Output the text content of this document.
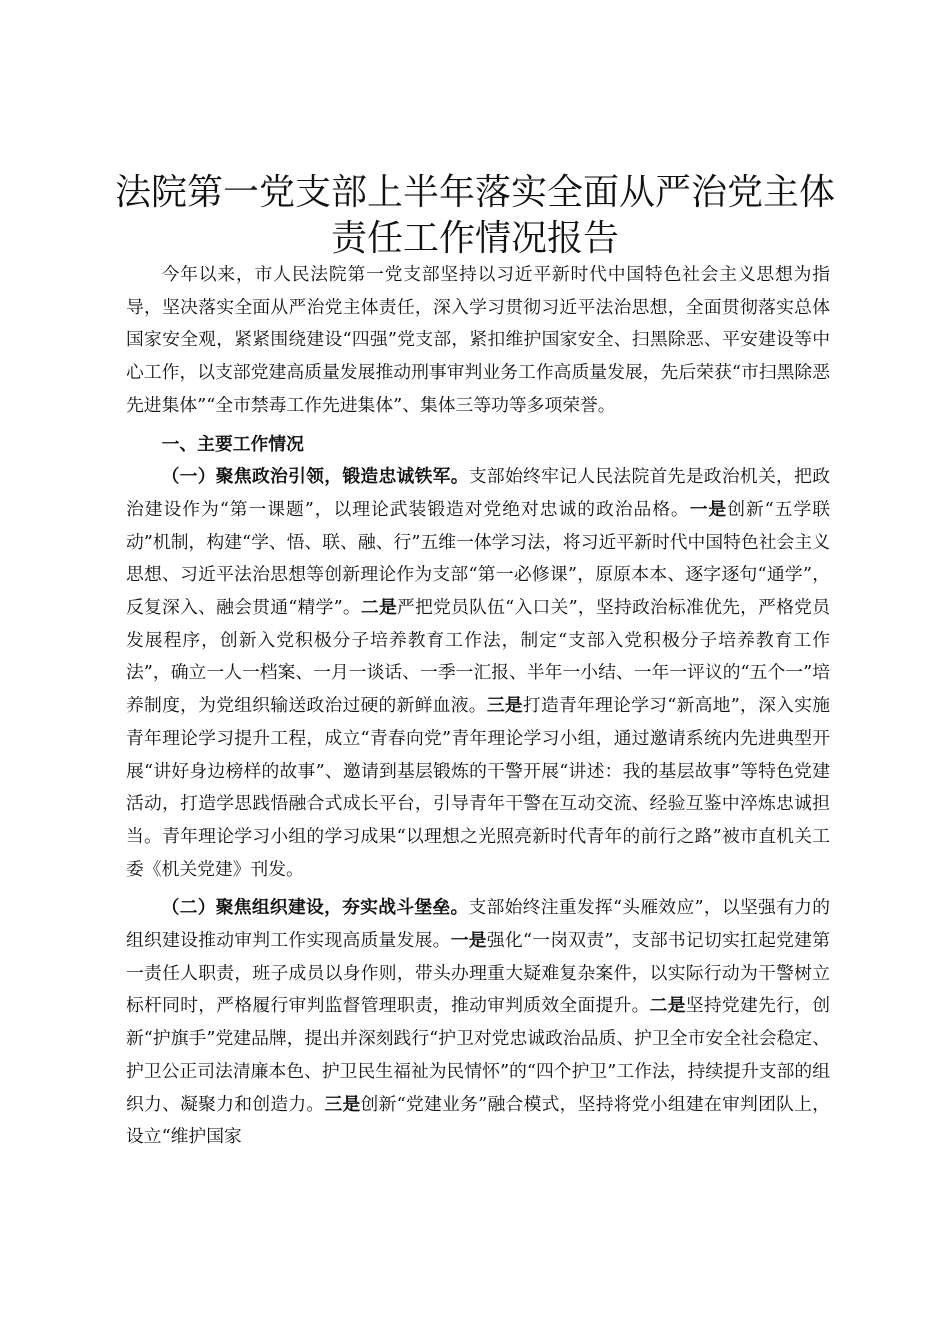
法院第一党支部上半年落实全面从严治党主体
责任工作情况报告

今年以来，市人民法院第一党支部坚持以习近平新时代中国特色社会主义思想为指导，坚决落实全面从严治党主体责任，深入学习贯彻习近平法治思想，全面贯彻落实总体国家安全观，紧紧围绕建设“四强”党支部，紧扣维护国家安全、扫黑除恶、平安建设等中心工作，以支部党建高质量发展推动刑事审判业务工作高质量发展，先后荣获“市扫黑除恶先进集体”“全市禁毒工作先进集体”、集体三等功等多项荣誉。

一、主要工作情况

（一）聚焦政治引领，锻造忠诚铁军。支部始终牢记人民法院首先是政治机关，把政治建设作为“第一课题”，以理论武装锻造对党绝对忠诚的政治品格。一是创新“五学联动”机制，构建“学、悟、联、融、行”五维一体学习法，将习近平新时代中国特色社会主义思想、习近平法治思想等创新理论作为支部“第一必修课”，原原本本、逐字逐句“通学”，反复深入、融会贯通“精学”。二是严把党员队伍“入口关”，坚持政治标准优先，严格党员发展程序，创新入党积极分子培养教育工作法，制定“支部入党积极分子培养教育工作法”，确立一人一档案、一月一谈话、一季一汇报、半年一小结、一年一评议的“五个一”培养制度，为党组织输送政治过硬的新鲜血液。三是打造青年理论学习“新高地”，深入实施青年理论学习提升工程，成立“青春向党”青年理论学习小组，通过邀请系统内先进典型开展“讲好身边榜样的故事”、邀请到基层锻炼的干警开展“讲述：我的基层故事”等特色党建活动，打造学思践悟融合式成长平台，引导青年干警在互动交流、经验互鉴中淬炼忠诚担当。青年理论学习小组的学习成果“以理想之光照亮新时代青年的前行之路”被市直机关工委《机关党建》刊发。

（二）聚焦组织建设，夯实战斗堡垒。支部始终注重发挥“头雁效应”，以坚强有力的组织建设推动审判工作实现高质量发展。一是强化“一岗双责”，支部书记切实扛起党建第一责任人职责，班子成员以身作则，带头办理重大疑难复杂案件，以实际行动为干警树立标杆同时，严格履行审判监督管理职责，推动审判质效全面提升。二是坚持党建先行，创新“护旗手”党建品牌，提出并深刻践行“护卫对党忠诚政治品质、护卫全市安全社会稳定、护卫公正司法清廉本色、护卫民生福祉为民情怀”的“四个护卫”工作法，持续提升支部的组织力、凝聚力和创造力。三是创新“党建业务”融合模式，坚持将党小组建在审判团队上，设立“维护国家
